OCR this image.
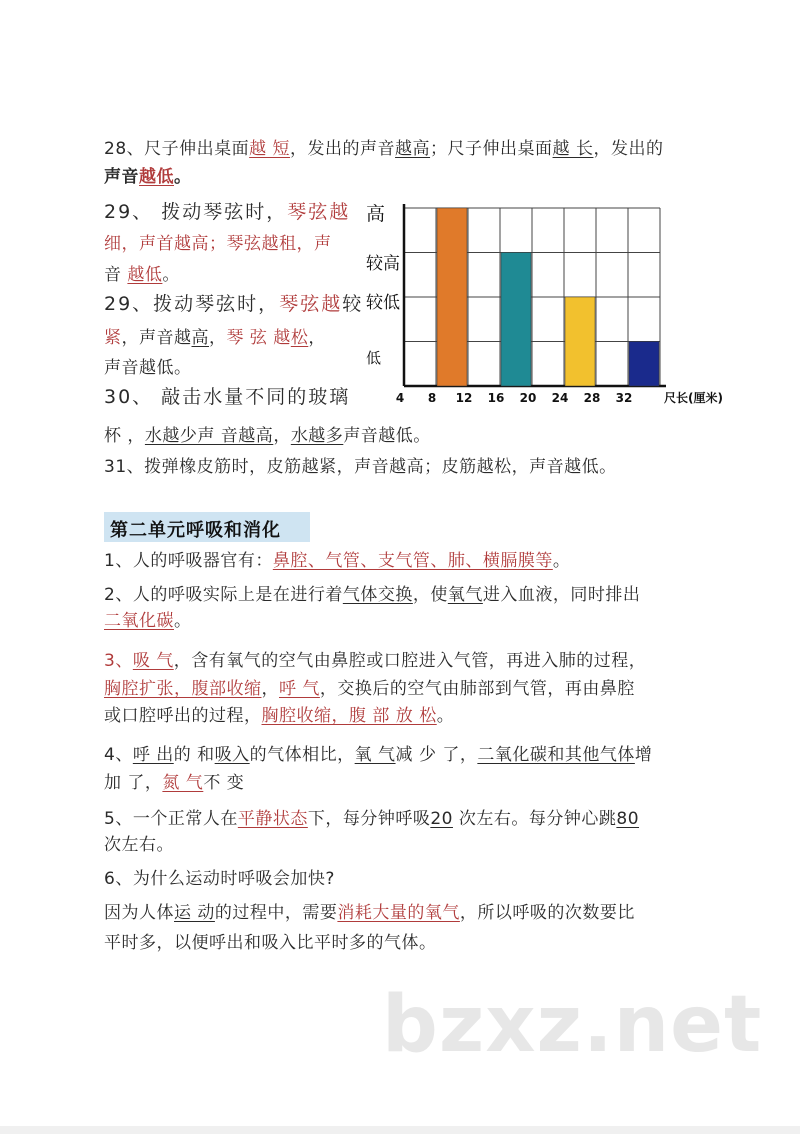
28、尺子伸出桌面越 短，发出的声音越高；尺子伸出桌面越 长，发出的
声音越低。
29、 拨动琴弦时，琴弦越
细，声首越高；琴弦越租，声
音 越低。
29、拨动琴弦时，琴弦越较
紧，声音越高，琴 弦 越松，
声音越低。
30、 敲击水量不同的玻璃
杯 ，水越少声 音越高，水越多声音越低。
31、拨弹橡皮筋时，皮筋越紧，声音越高；皮筋越松，声音越低。
4 8 12 16 20 24 28 32	尺长(厘米)
低
较低
较高
高
第二单元呼吸和消化
1、人的呼吸器官有：鼻腔、气管、支气管、肺、横膈膜等。
2、人的呼吸实际上是在进行着气体交换，使氧气进入血液，同时排出
二氧化碳。
3、吸 气，含有氧气的空气由鼻腔或口腔进入气管，再进入肺的过程，
胸腔扩张，腹部收缩，呼 气，交换后的空气由肺部到气管，再由鼻腔
或口腔呼出的过程，胸腔收缩，腹 部 放 松。
4、呼 出的 和吸入的气体相比，氧 气减 少 了，二氧化碳和其他气体增
加 了，氮 气不 变
5、一个正常人在平静状态下，每分钟呼吸20 次左右。每分钟心跳80
次左右。
6、为什么运动时呼吸会加快?
因为人体运 动的过程中，需要消耗大量的氧气，所以呼吸的次数要比
平时多，以便呼出和吸入比平时多的气体。
bzxz.net
